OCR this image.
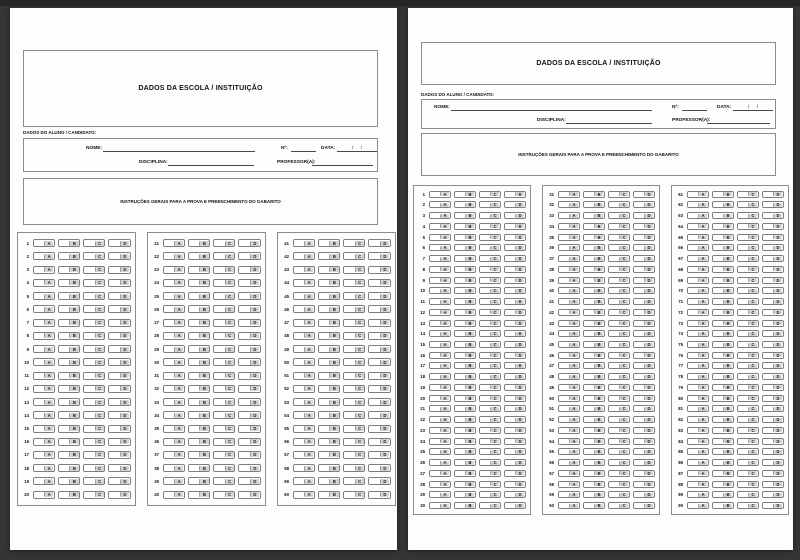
DADOS DA ESCOLA / INSTITUIÇÃO
DADOS DO ALUNO / CANDIDATO:
NOME:	Nº:	DATA:	/      /
DISCIPLINA:	PROFESSOR(A):
INSTRUÇÕES GERAIS PARA A PROVA E PREENCHIMENTO DO GABARITO
1	A	B	C	D
2	A	B	C	D
3	A	B	C	D
4	A	B	C	D
5	A	B	C	D
6	A	B	C	D
7	A	B	C	D
8	A	B	C	D
9	A	B	C	D
10	A	B	C	D
11	A	B	C	D
12	A	B	C	D
13	A	B	C	D
14	A	B	C	D
15	A	B	C	D
16	A	B	C	D
17	A	B	C	D
18	A	B	C	D
19	A	B	C	D
20	A	B	C	D
21	A	B	C	D
22	A	B	C	D
23	A	B	C	D
24	A	B	C	D
25	A	B	C	D
26	A	B	C	D
27	A	B	C	D
28	A	B	C	D
29	A	B	C	D
30	A	B	C	D
31	A	B	C	D
32	A	B	C	D
33	A	B	C	D
34	A	B	C	D
35	A	B	C	D
36	A	B	C	D
37	A	B	C	D
38	A	B	C	D
39	A	B	C	D
40	A	B	C	D
41	A	B	C	D
42	A	B	C	D
43	A	B	C	D
44	A	B	C	D
45	A	B	C	D
46	A	B	C	D
47	A	B	C	D
48	A	B	C	D
49	A	B	C	D
50	A	B	C	D
51	A	B	C	D
52	A	B	C	D
53	A	B	C	D
54	A	B	C	D
55	A	B	C	D
56	A	B	C	D
57	A	B	C	D
58	A	B	C	D
59	A	B	C	D
60	A	B	C	D
DADOS DA ESCOLA / INSTITUIÇÃO
DADOS DO ALUNO / CANDIDATO:
NOME:	Nº:	DATA:	/      /
DISCIPLINA:	PROFESSOR(A):
INSTRUÇÕES GERAIS PARA A PROVA E PREENCHIMENTO DO GABARITO
1	A	B	C	D
2	A	B	C	D
3	A	B	C	D
4	A	B	C	D
5	A	B	C	D
6	A	B	C	D
7	A	B	C	D
8	A	B	C	D
9	A	B	C	D
10	A	B	C	D
11	A	B	C	D
12	A	B	C	D
13	A	B	C	D
14	A	B	C	D
15	A	B	C	D
16	A	B	C	D
17	A	B	C	D
18	A	B	C	D
19	A	B	C	D
20	A	B	C	D
21	A	B	C	D
22	A	B	C	D
23	A	B	C	D
24	A	B	C	D
25	A	B	C	D
26	A	B	C	D
27	A	B	C	D
28	A	B	C	D
29	A	B	C	D
30	A	B	C	D
31	A	B	C	D
32	A	B	C	D
33	A	B	C	D
34	A	B	C	D
35	A	B	C	D
36	A	B	C	D
37	A	B	C	D
38	A	B	C	D
39	A	B	C	D
40	A	B	C	D
41	A	B	C	D
42	A	B	C	D
43	A	B	C	D
44	A	B	C	D
45	A	B	C	D
46	A	B	C	D
47	A	B	C	D
48	A	B	C	D
49	A	B	C	D
50	A	B	C	D
51	A	B	C	D
52	A	B	C	D
53	A	B	C	D
54	A	B	C	D
55	A	B	C	D
56	A	B	C	D
57	A	B	C	D
58	A	B	C	D
59	A	B	C	D
60	A	B	C	D
61	A	B	C	D
62	A	B	C	D
63	A	B	C	D
64	A	B	C	D
65	A	B	C	D
66	A	B	C	D
67	A	B	C	D
68	A	B	C	D
69	A	B	C	D
70	A	B	C	D
71	A	B	C	D
72	A	B	C	D
73	A	B	C	D
74	A	B	C	D
75	A	B	C	D
76	A	B	C	D
77	A	B	C	D
78	A	B	C	D
79	A	B	C	D
80	A	B	C	D
81	A	B	C	D
82	A	B	C	D
83	A	B	C	D
84	A	B	C	D
85	A	B	C	D
86	A	B	C	D
87	A	B	C	D
88	A	B	C	D
89	A	B	C	D
90	A	B	C	D
